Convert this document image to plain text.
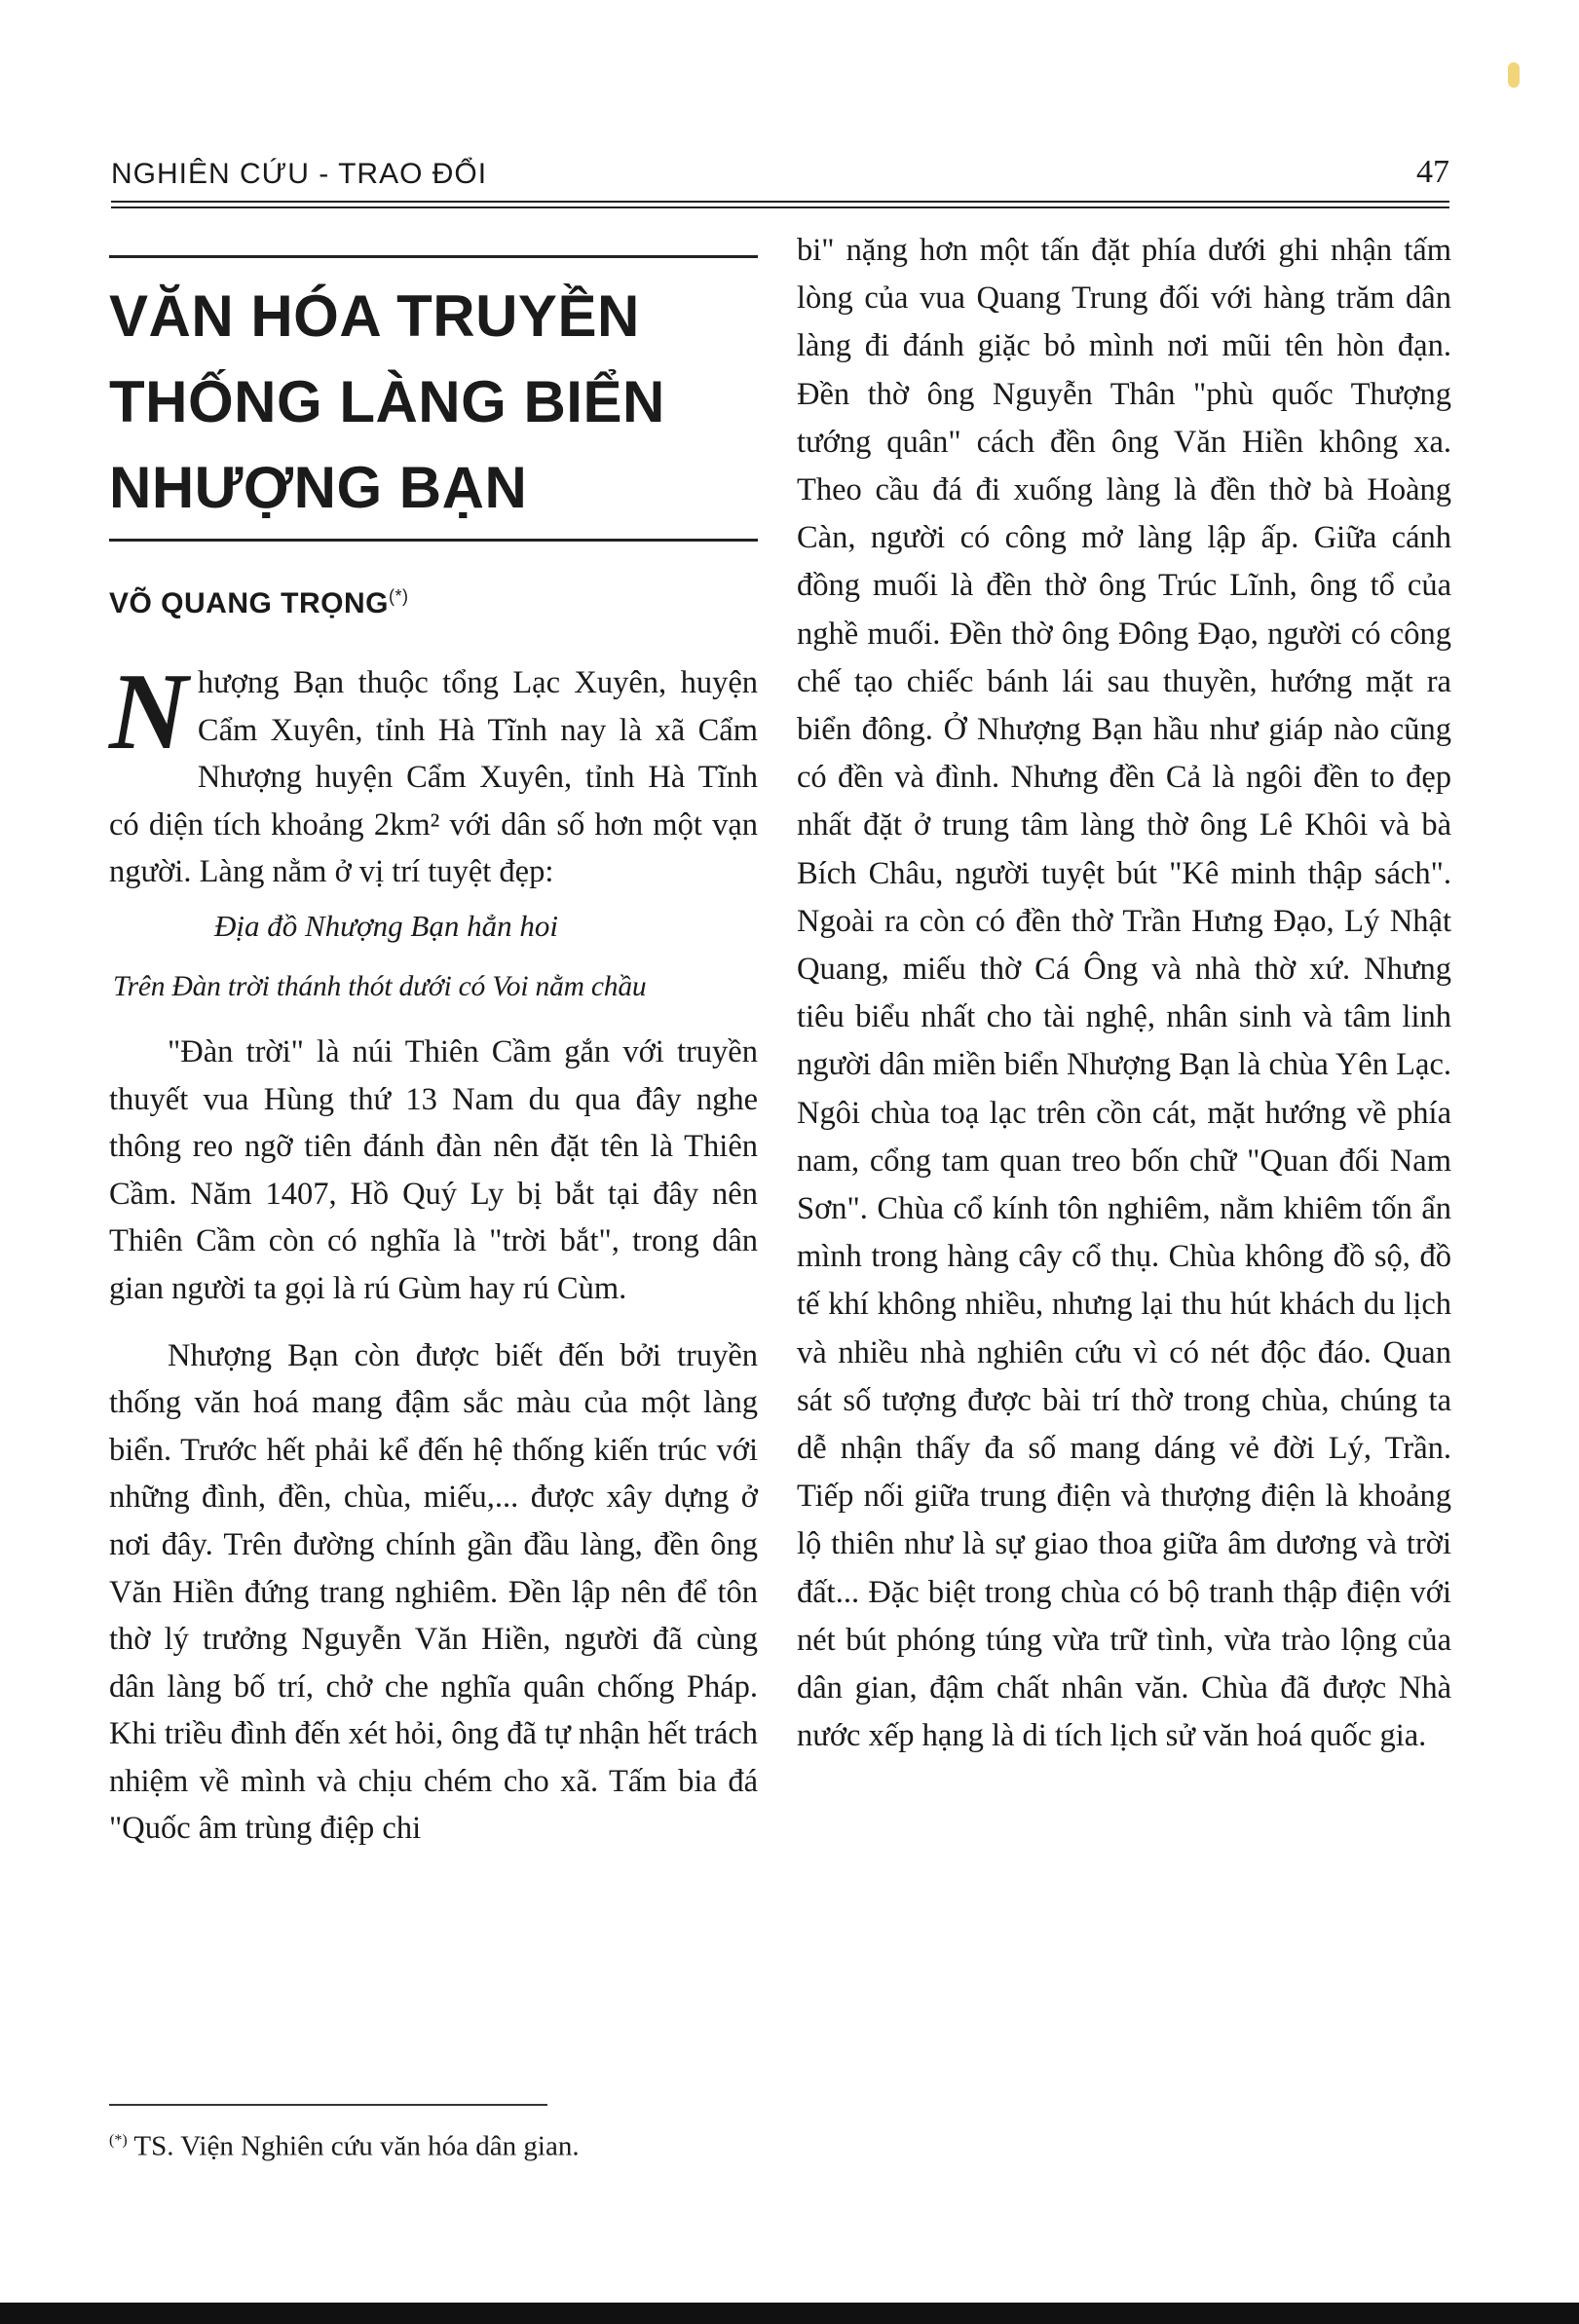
NGHIÊN CỨU - TRAO ĐỔI	47
VĂN HÓA TRUYỀN
THỐNG LÀNG BIỂN
NHƯỢNG BẠN
VÕ QUANG TRỌNG(*)
N hượng Bạn thuộc tổng Lạc Xuyên, huyện Cẩm Xuyên, tỉnh Hà Tĩnh nay là xã Cẩm Nhượng huyện Cẩm Xuyên, tỉnh Hà Tĩnh có diện tích khoảng 2km² với dân số hơn một vạn người. Làng nằm ở vị trí tuyệt đẹp:

Địa đồ Nhượng Bạn hẳn hoi

Trên Đàn trời thánh thót dưới có Voi nằm chầu

"Đàn trời" là núi Thiên Cầm gắn với truyền thuyết vua Hùng thứ 13 Nam du qua đây nghe thông reo ngỡ tiên đánh đàn nên đặt tên là Thiên Cầm. Năm 1407, Hồ Quý Ly bị bắt tại đây nên Thiên Cầm còn có nghĩa là "trời bắt", trong dân gian người ta gọi là rú Gùm hay rú Cùm.

Nhượng Bạn còn được biết đến bởi truyền thống văn hoá mang đậm sắc màu của một làng biển. Trước hết phải kể đến hệ thống kiến trúc với những đình, đền, chùa, miếu,... được xây dựng ở nơi đây. Trên đường chính gần đầu làng, đền ông Văn Hiền đứng trang nghiêm. Đền lập nên để tôn thờ lý trưởng Nguyễn Văn Hiền, người đã cùng dân làng bố trí, chở che nghĩa quân chống Pháp. Khi triều đình đến xét hỏi, ông đã tự nhận hết trách nhiệm về mình và chịu chém cho xã. Tấm bia đá "Quốc âm trùng điệp chi

(*) TS. Viện Nghiên cứu văn hóa dân gian.

bi" nặng hơn một tấn đặt phía dưới ghi nhận tấm lòng của vua Quang Trung đối với hàng trăm dân làng đi đánh giặc bỏ mình nơi mũi tên hòn đạn. Đền thờ ông Nguyễn Thân "phù quốc Thượng tướng quân" cách đền ông Văn Hiền không xa. Theo cầu đá đi xuống làng là đền thờ bà Hoàng Càn, người có công mở làng lập ấp. Giữa cánh đồng muối là đền thờ ông Trúc Lĩnh, ông tổ của nghề muối. Đền thờ ông Đông Đạo, người có công chế tạo chiếc bánh lái sau thuyền, hướng mặt ra biển đông. Ở Nhượng Bạn hầu như giáp nào cũng có đền và đình. Nhưng đền Cả là ngôi đền to đẹp nhất đặt ở trung tâm làng thờ ông Lê Khôi và bà Bích Châu, người tuyệt bút "Kê minh thập sách". Ngoài ra còn có đền thờ Trần Hưng Đạo, Lý Nhật Quang, miếu thờ Cá Ông và nhà thờ xứ. Nhưng tiêu biểu nhất cho tài nghệ, nhân sinh và tâm linh người dân miền biển Nhượng Bạn là chùa Yên Lạc. Ngôi chùa toạ lạc trên cồn cát, mặt hướng về phía nam, cổng tam quan treo bốn chữ "Quan đối Nam Sơn". Chùa cổ kính tôn nghiêm, nằm khiêm tốn ẩn mình trong hàng cây cổ thụ. Chùa không đồ sộ, đồ tế khí không nhiều, nhưng lại thu hút khách du lịch và nhiều nhà nghiên cứu vì có nét độc đáo. Quan sát số tượng được bài trí thờ trong chùa, chúng ta dễ nhận thấy đa số mang dáng vẻ đời Lý, Trần. Tiếp nối giữa trung điện và thượng điện là khoảng lộ thiên như là sự giao thoa giữa âm dương và trời đất... Đặc biệt trong chùa có bộ tranh thập điện với nét bút phóng túng vừa trữ tình, vừa trào lộng của dân gian, đậm chất nhân văn. Chùa đã được Nhà nước xếp hạng là di tích lịch sử văn hoá quốc gia.
